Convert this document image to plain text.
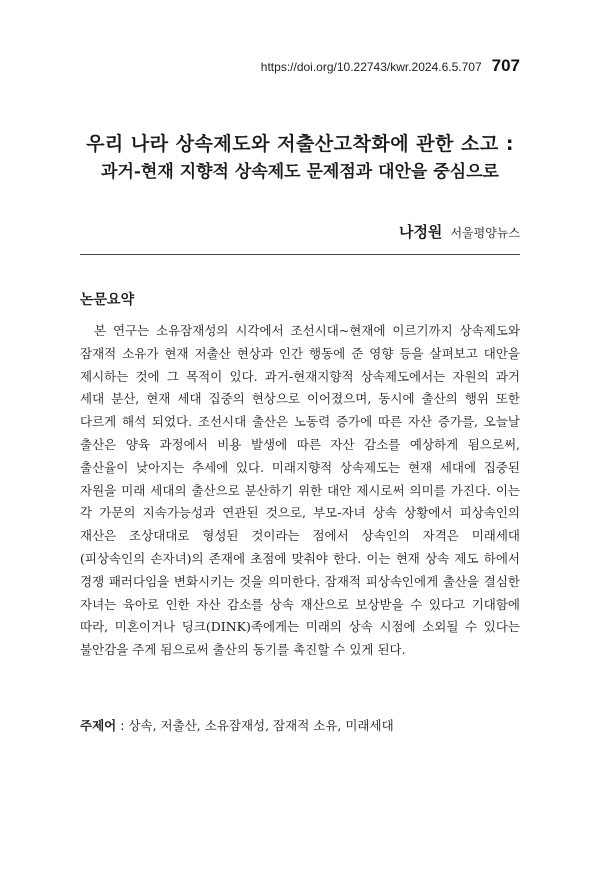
https://doi.org/10.22743/kwr.2024.6.5.707 707
우리 나라 상속제도와 저출산고착화에 관한 소고 :
과거-현재 지향적 상속제도 문제점과 대안을 중심으로
나정원 서울평양뉴스
논문요약

본 연구는 소유잠재성의 시각에서 조선시대~현재에 이르기까지 상속제도와 잠재적 소유가 현재 저출산 현상과 인간 행동에 준 영향 등을 살펴보고 대안을 제시하는 것에 그 목적이 있다. 과거-현재지향적 상속제도에서는 자원의 과거 세대 분산, 현재 세대 집중의 현상으로 이어졌으며, 동시에 출산의 행위 또한 다르게 해석 되었다. 조선시대 출산은 노동력 증가에 따른 자산 증가를, 오늘날 출산은 양육 과정에서 비용 발생에 따른 자산 감소를 예상하게 됨으로써, 출산율이 낮아지는 추세에 있다. 미래지향적 상속제도는 현재 세대에 집중된 자원을 미래 세대의 출산으로 분산하기 위한 대안 제시로써 의미를 가진다. 이는 각 가문의 지속가능성과 연관된 것으로, 부모-자녀 상속 상황에서 피상속인의 재산은 조상대대로 형성된 것이라는 점에서 상속인의 자격은 미래세대(피상속인의 손자녀)의 존재에 초점에 맞춰야 한다. 이는 현재 상속 제도 하에서 경쟁 패러다임을 변화시키는 것을 의미한다. 잠재적 피상속인에게 출산을 결심한 자녀는 육아로 인한 자산 감소를 상속 재산으로 보상받을 수 있다고 기대함에 따라, 미혼이거나 딩크(DINK)족에게는 미래의 상속 시점에 소외될 수 있다는 불안감을 주게 됨으로써 출산의 동기를 촉진할 수 있게 된다.

주제어 : 상속, 저출산, 소유잠재성, 잠재적 소유, 미래세대
